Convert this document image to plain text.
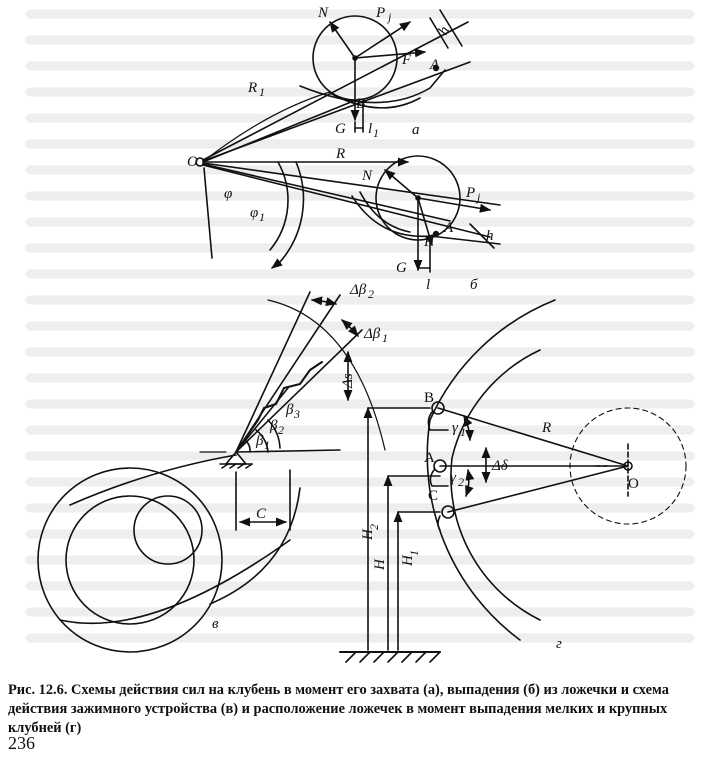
N	P j
h
A
F
R 1
B
G l 1
O
а
R
N
P j
A
F	h
G
l	б
φ
φ 1
Δβ 2
Δβ 1
Δs
β 1
β 2
β 3
C
в
B
R
A
γ 1
γ 2
Δδ
C
O
H
2
H H
1
г
Рис. 12.6. Схемы действия сил на клубень в момент его захвата (а), выпадения (б) из ложечки и схема действия зажимного устройства (в) и расположение ложечек в момент выпадения мелких и крупных клубней (г)
236
